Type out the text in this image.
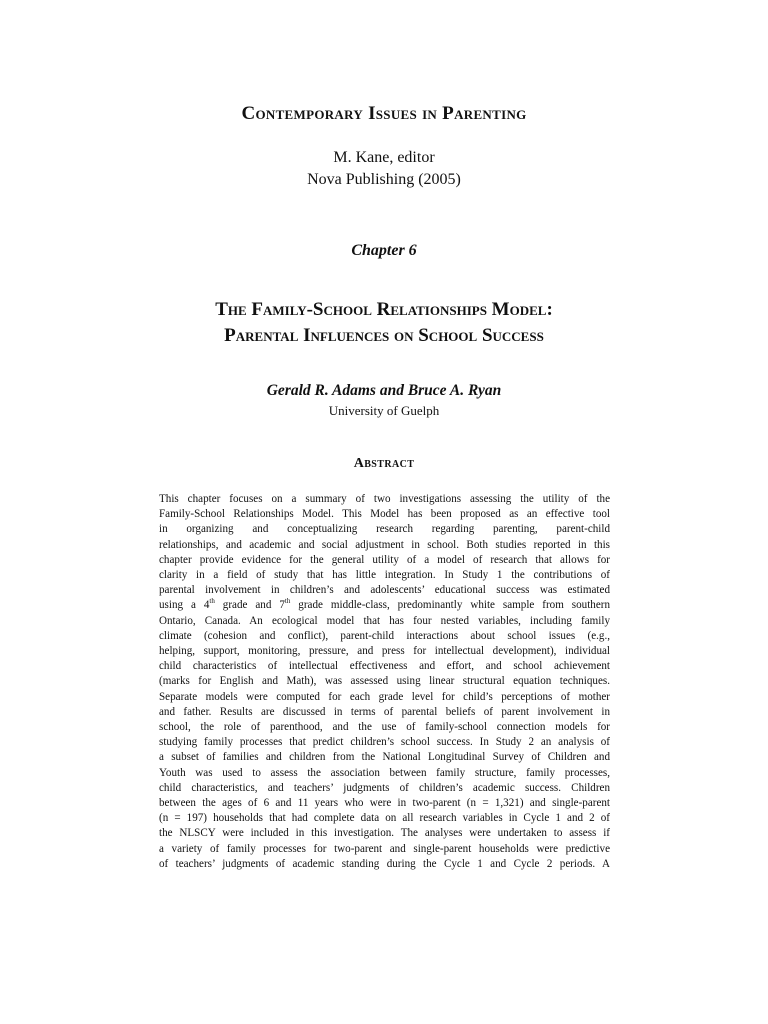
Contemporary Issues in Parenting
M. Kane, editor
Nova Publishing (2005)
Chapter 6
The Family-School Relationships Model:
Parental Influences on School Success
Gerald R. Adams and Bruce A. Ryan
University of Guelph
Abstract
This chapter focuses on a summary of two investigations assessing the utility of the
Family-School Relationships Model. This Model has been proposed as an effective tool
in organizing and conceptualizing research regarding parenting, parent-child
relationships, and academic and social adjustment in school. Both studies reported in this
chapter provide evidence for the general utility of a model of research that allows for
clarity in a field of study that has little integration. In Study 1 the contributions of
parental involvement in children’s and adolescents’ educational success was estimated
using a 4th grade and 7th grade middle-class, predominantly white sample from southern
Ontario, Canada. An ecological model that has four nested variables, including family
climate (cohesion and conflict), parent-child interactions about school issues (e.g.,
helping, support, monitoring, pressure, and press for intellectual development), individual
child characteristics of intellectual effectiveness and effort, and school achievement
(marks for English and Math), was assessed using linear structural equation techniques.
Separate models were computed for each grade level for child’s perceptions of mother
and father. Results are discussed in terms of parental beliefs of parent involvement in
school, the role of parenthood, and the use of family-school connection models for
studying family processes that predict children’s school success. In Study 2 an analysis of
a subset of families and children from the National Longitudinal Survey of Children and
Youth was used to assess the association between family structure, family processes,
child characteristics, and teachers’ judgments of children’s academic success. Children
between the ages of 6 and 11 years who were in two-parent (n = 1,321) and single-parent
(n = 197) households that had complete data on all research variables in Cycle 1 and 2 of
the NLSCY were included in this investigation. The analyses were undertaken to assess if
a variety of family processes for two-parent and single-parent households were predictive
of teachers’ judgments of academic standing during the Cycle 1 and Cycle 2 periods. A
